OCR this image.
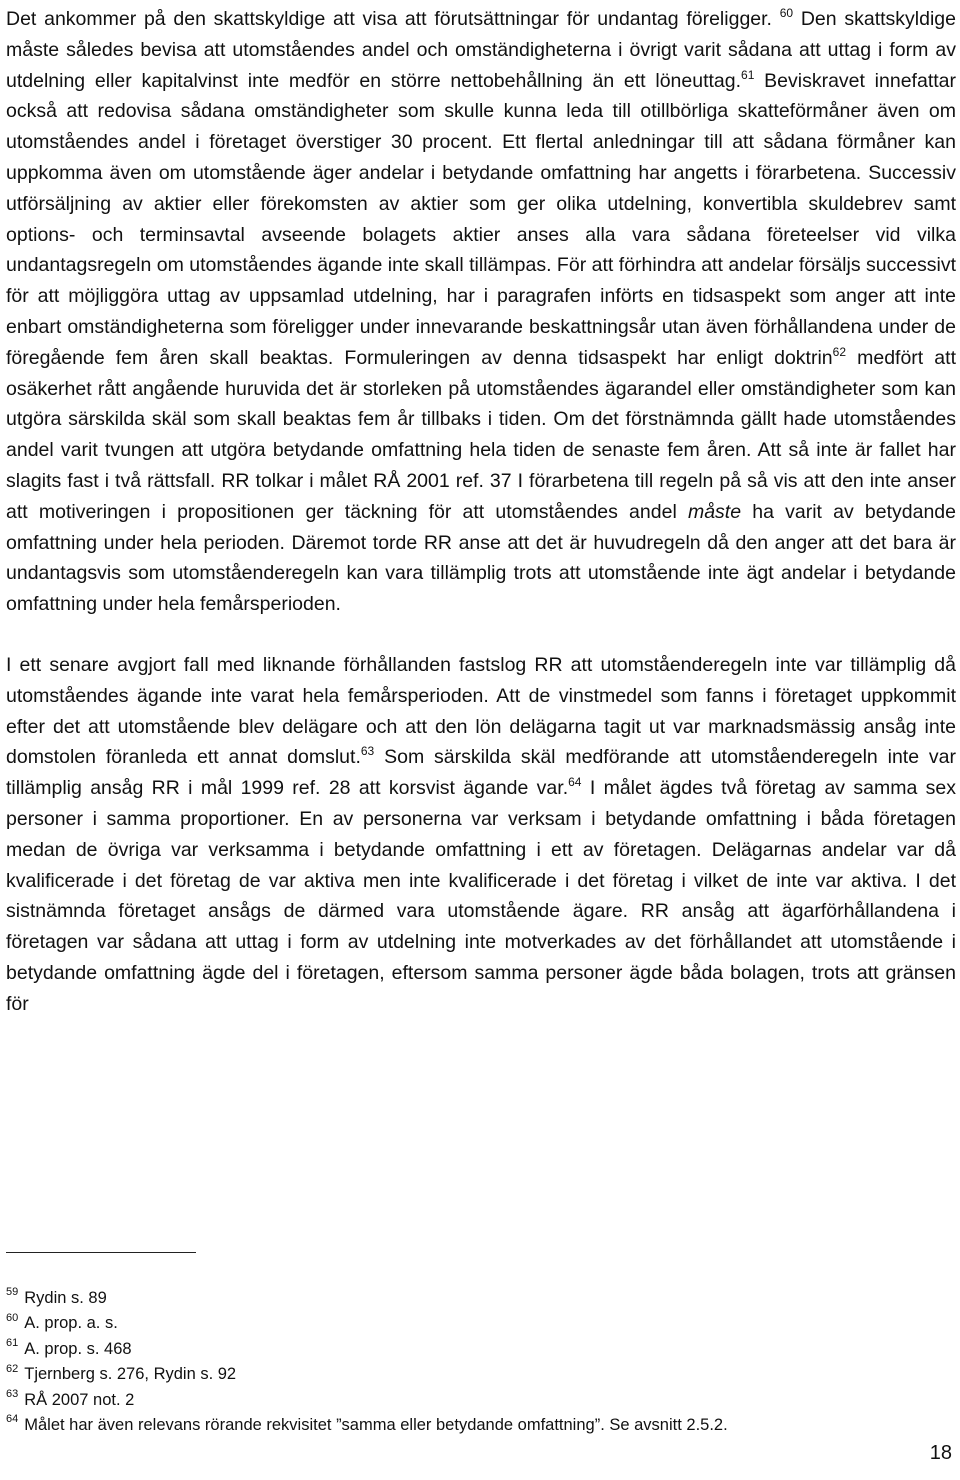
Det ankommer på den skattskyldige att visa att förutsättningar för undantag föreligger. $^{60}$ Den skattskyldige måste således bevisa att utomståendes andel och omständigheterna i övrigt varit sådana att uttag i form av utdelning eller kapitalvinst inte medför en större nettobehållning än ett löneuttag.$^{61}$ Beviskravet innefattar också att redovisa sådana omständigheter som skulle kunna leda till otillbörliga skatteförmåner även om utomståendes andel i företaget överstiger 30 procent. Ett flertal anledningar till att sådana förmåner kan uppkomma även om utomstående äger andelar i betydande omfattning har angetts i förarbetena. Successiv utförsäljning av aktier eller förekomsten av aktier som ger olika utdelning, konvertibla skuldebrev samt options- och terminsavtal avseende bolagets aktier anses alla vara sådana företeelser vid vilka undantagsregeln om utomståendes ägande inte skall tillämpas. För att förhindra att andelar försäljs successivt för att möjliggöra uttag av uppsamlad utdelning, har i paragrafen införts en tidsaspekt som anger att inte enbart omständigheterna som föreligger under innevarande beskattningsår utan även förhållandena under de föregående fem åren skall beaktas. Formuleringen av denna tidsaspekt har enligt doktrin$^{62}$ medfört att osäkerhet rått angående huruvida det är storleken på utomståendes ägarandel eller omständigheter som kan utgöra särskilda skäl som skall beaktas fem år tillbaks i tiden. Om det förstnämnda gällt hade utomståendes andel varit tvungen att utgöra betydande omfattning hela tiden de senaste fem åren. Att så inte är fallet har slagits fast i två rättsfall. RR tolkar i målet RÅ 2001 ref. 37 I förarbetena till regeln på så vis att den inte anser att motiveringen i propositionen ger täckning för att utomståendes andel måste ha varit av betydande omfattning under hela perioden. Däremot torde RR anse att det är huvudregeln då den anger att det bara är undantagsvis som utomståenderegeln kan vara tillämplig trots att utomstående inte ägt andelar i betydande omfattning under hela femårsperioden.

I ett senare avgjort fall med liknande förhållanden fastslog RR att utomståenderegeln inte var tillämplig då utomståendes ägande inte varat hela femårsperioden. Att de vinstmedel som fanns i företaget uppkommit efter det att utomstående blev delägare och att den lön delägarna tagit ut var marknadsmässig ansåg inte domstolen föranleda ett annat domslut.$^{63}$ Som särskilda skäl medförande att utomståenderegeln inte var tillämplig ansåg RR i mål 1999 ref. 28 att korsvist ägande var.$^{64}$ I målet ägdes två företag av samma sex personer i samma proportioner. En av personerna var verksam i betydande omfattning i båda företagen medan de övriga var verksamma i betydande omfattning i ett av företagen. Delägarnas andelar var då kvalificerade i det företag de var aktiva men inte kvalificerade i det företag i vilket de inte var aktiva. I det sistnämnda företaget ansågs de därmed vara utomstående ägare. RR ansåg att ägarförhållandena i företagen var sådana att uttag i form av utdelning inte motverkades av det förhållandet att utomstående i betydande omfattning ägde del i företagen, eftersom samma personer ägde båda bolagen, trots att gränsen för

$^{59}$ Rydin s. 89

$^{60}$ A. prop. a. s.

$^{61}$ A. prop. s. 468

$^{62}$ Tjernberg s. 276, Rydin s. 92

$^{63}$ RÅ 2007 not. 2

$^{64}$ Målet har även relevans rörande rekvisitet ”samma eller betydande omfattning”. Se avsnitt 2.5.2.

18
